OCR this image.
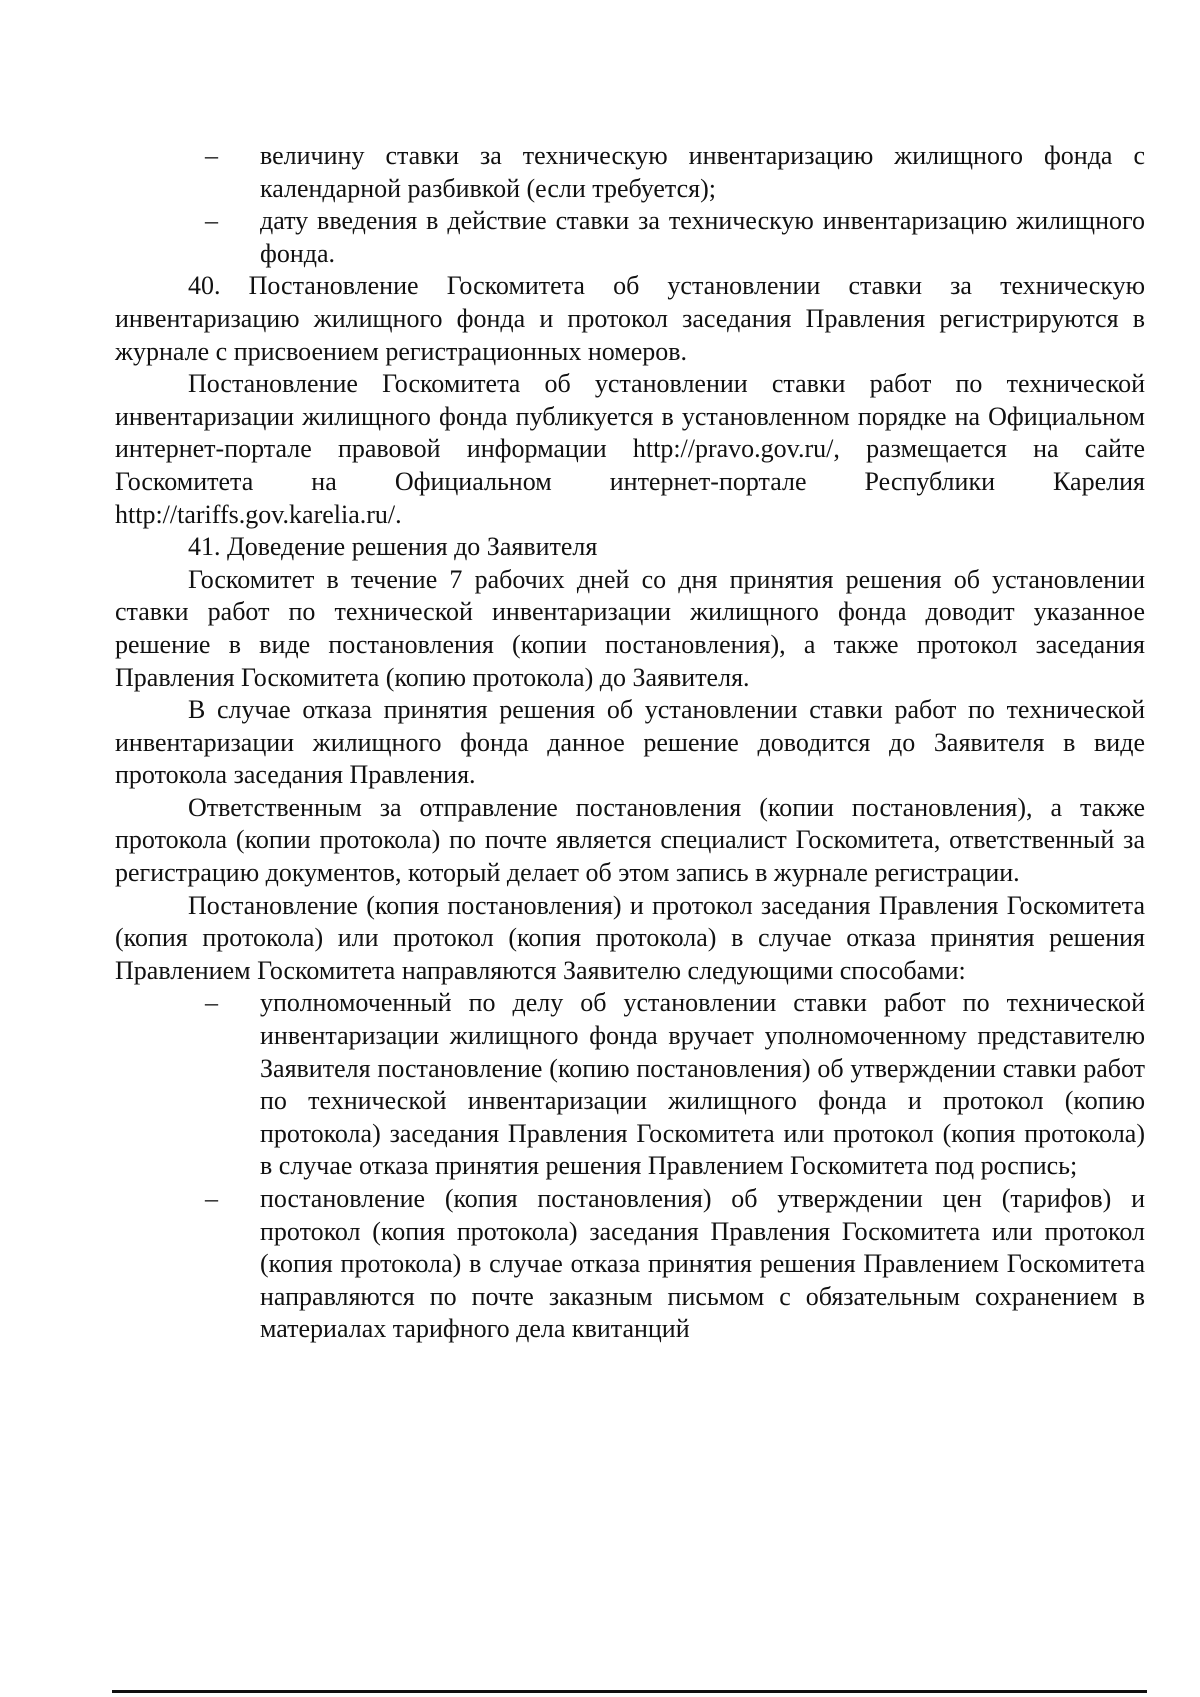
– величину ставки за техническую инвентаризацию жилищного фонда с календарной разбивкой (если требуется);
– дату введения в действие ставки за техническую инвентаризацию жилищного фонда.

40. Постановление Госкомитета об установлении ставки за техническую инвентаризацию жилищного фонда и протокол заседания Правления регистрируются в журнале с присвоением регистрационных номеров.

Постановление Госкомитета об установлении ставки работ по технической инвентаризации жилищного фонда публикуется в установленном порядке на Официальном интернет-портале правовой информации http://pravo.gov.ru/, размещается на сайте Госкомитета на Официальном интернет-портале Республики Карелия http://tariffs.gov.karelia.ru/.

41. Доведение решения до Заявителя

Госкомитет в течение 7 рабочих дней со дня принятия решения об установлении ставки работ по технической инвентаризации жилищного фонда доводит указанное решение в виде постановления (копии постановления), а также протокол заседания Правления Госкомитета (копию протокола) до Заявителя.

В случае отказа принятия решения об установлении ставки работ по технической инвентаризации жилищного фонда данное решение доводится до Заявителя в виде протокола заседания Правления.

Ответственным за отправление постановления (копии постановления), а также протокола (копии протокола) по почте является специалист Госкомитета, ответственный за регистрацию документов, который делает об этом запись в журнале регистрации.

Постановление (копия постановления) и протокол заседания Правления Госкомитета (копия протокола) или протокол (копия протокола) в случае отказа принятия решения Правлением Госкомитета направляются Заявителю следующими способами:

– уполномоченный по делу об установлении ставки работ по технической инвентаризации жилищного фонда вручает уполномоченному представителю Заявителя постановление (копию постановления) об утверждении ставки работ по технической инвентаризации жилищного фонда и протокол (копию протокола) заседания Правления Госкомитета или протокол (копия протокола) в случае отказа принятия решения Правлением Госкомитета под роспись;
– постановление (копия постановления) об утверждении цен (тарифов) и протокол (копия протокола) заседания Правления Госкомитета или протокол (копия протокола) в случае отказа принятия решения Правлением Госкомитета направляются по почте заказным письмом с обязательным сохранением в материалах тарифного дела квитанций
